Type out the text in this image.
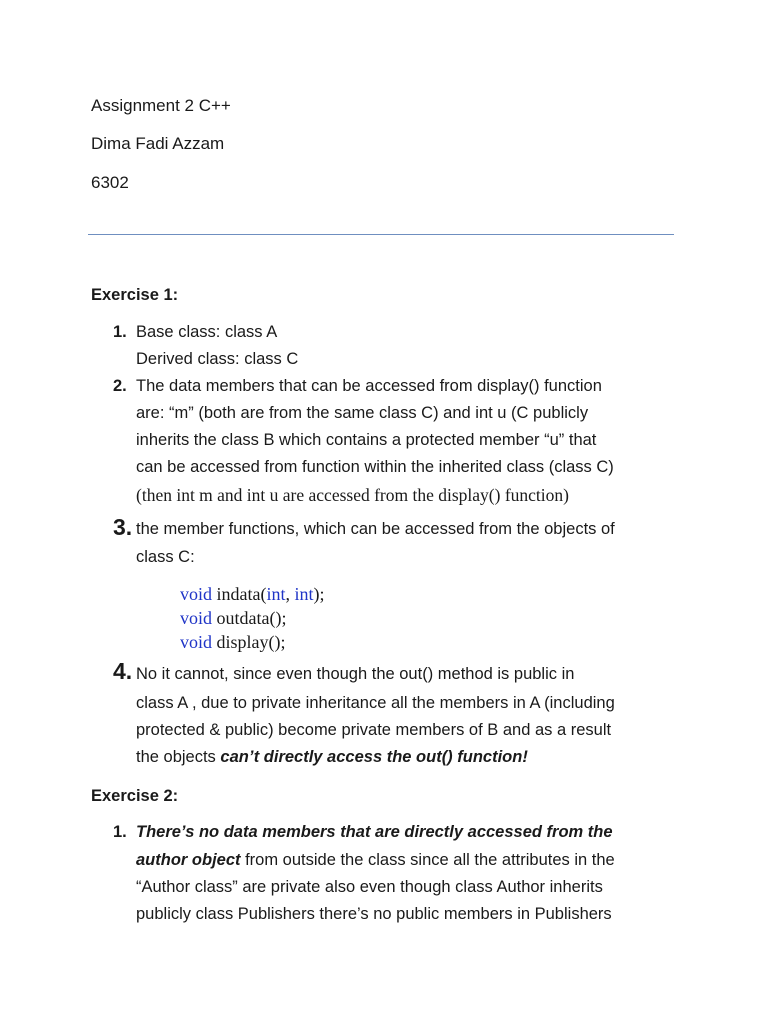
Assignment 2 C++
Dima Fadi Azzam
6302
Exercise 1:
1. Base class: class A
Derived class: class C
2. The data members that can be accessed from display() function
are: “m” (both are from the same class C) and int u (C publicly
inherits the class B which contains a protected member “u” that
can be accessed from function within the inherited class (class C)
(then int m and int u are accessed from the display() function)
3. the member functions, which can be accessed from the objects of
class C:
void indata(int, int);
void outdata();
void display();
4. No it cannot, since even though the out() method is public in
class A , due to private inheritance all the members in A (including
protected & public) become private members of B and as a result
the objects can’t directly access the out() function!
Exercise 2:
1. There’s no data members that are directly accessed from the
author object from outside the class since all the attributes in the
“Author class” are private also even though class Author inherits
publicly class Publishers there’s no public members in Publishers
